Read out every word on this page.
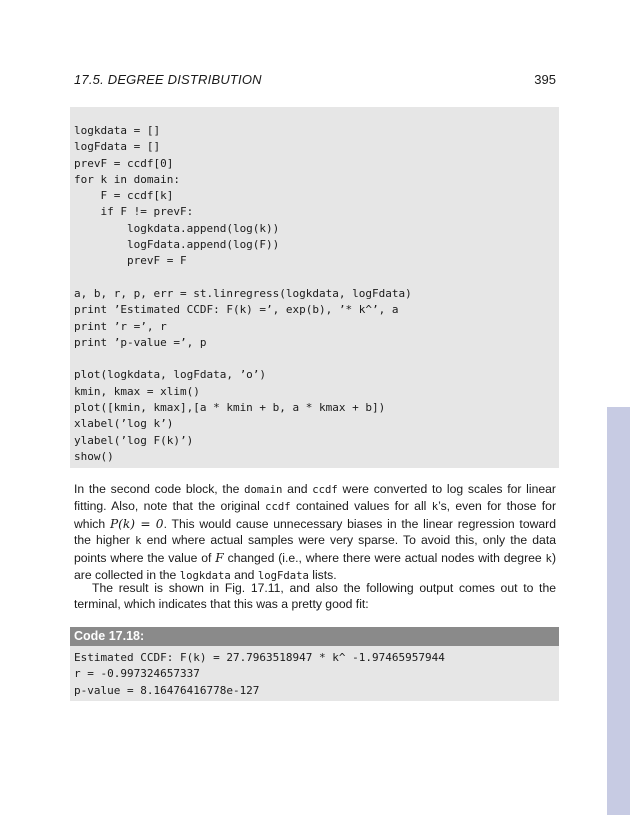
17.5. DEGREE DISTRIBUTION	395
logkdata = []
logFdata = []
prevF = ccdf[0]
for k in domain:
F = ccdf[k]
if F != prevF:
logkdata.append(log(k))
logFdata.append(log(F))
prevF = F
a, b, r, p, err = st.linregress(logkdata, logFdata)
print ’Estimated CCDF: F(k) =’, exp(b), ’* k^’, a
print ’r =’, r
print ’p-value =’, p
plot(logkdata, logFdata, ’o’)
kmin, kmax = xlim()
plot([kmin, kmax],[a * kmin + b, a * kmax + b])
xlabel(’log k’)
ylabel(’log F(k)’)
show()

In the second code block, the domain and ccdf were converted to log scales for linear fitting. Also, note that the original ccdf contained values for all k’s, even for those for which P(k) = 0. This would cause unnecessary biases in the linear regression toward the higher k end where actual samples were very sparse. To avoid this, only the data points where the value of F changed (i.e., where there were actual nodes with degree k) are collected in the logkdata and logFdata lists.

The result is shown in Fig. 17.11, and also the following output comes out to the terminal, which indicates that this was a pretty good fit:

Code 17.18:
Estimated CCDF: F(k) = 27.7963518947 * k^ -1.97465957944
r = -0.997324657337
p-value = 8.16476416778e-127
